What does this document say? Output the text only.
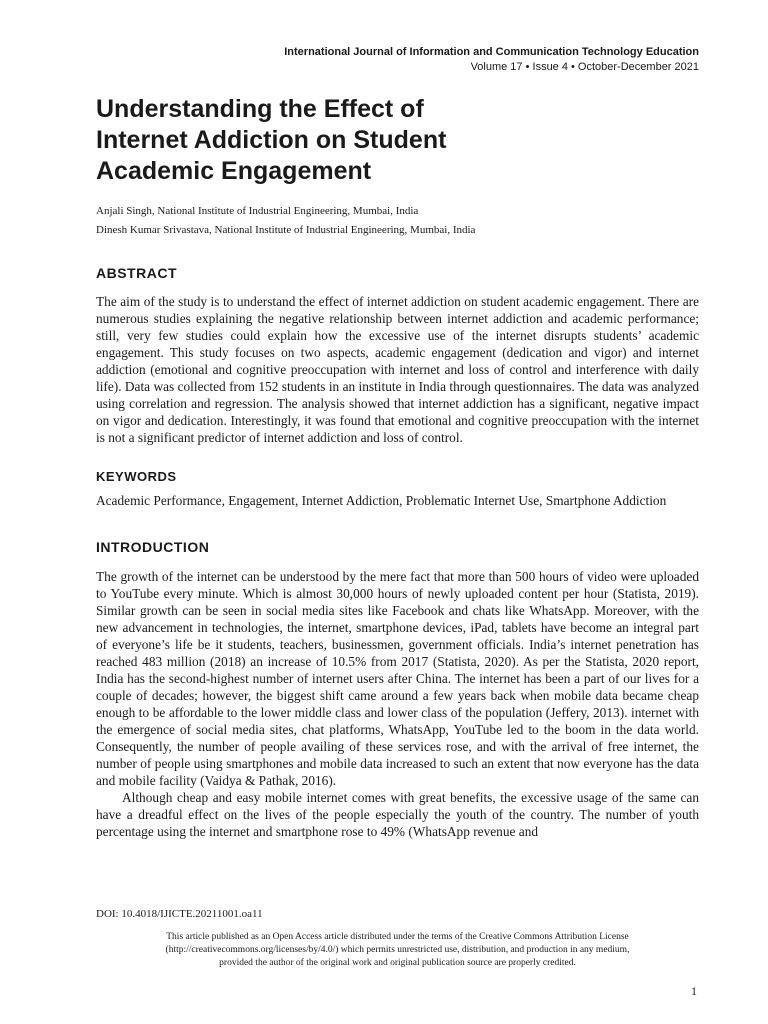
International Journal of Information and Communication Technology Education
Volume 17 • Issue 4 • October-December 2021
Understanding the Effect of
Internet Addiction on Student
Academic Engagement

Anjali Singh, National Institute of Industrial Engineering, Mumbai, India

Dinesh Kumar Srivastava, National Institute of Industrial Engineering, Mumbai, India

ABSTRACT

The aim of the study is to understand the effect of internet addiction on student academic engagement. There are numerous studies explaining the negative relationship between internet addiction and academic performance; still, very few studies could explain how the excessive use of the internet disrupts students’ academic engagement. This study focuses on two aspects, academic engagement (dedication and vigor) and internet addiction (emotional and cognitive preoccupation with internet and loss of control and interference with daily life). Data was collected from 152 students in an institute in India through questionnaires. The data was analyzed using correlation and regression. The analysis showed that internet addiction has a significant, negative impact on vigor and dedication. Interestingly, it was found that emotional and cognitive preoccupation with the internet is not a significant predictor of internet addiction and loss of control.

KEYWORDS

Academic Performance, Engagement, Internet Addiction, Problematic Internet Use, Smartphone Addiction

INTRODUCTION

The growth of the internet can be understood by the mere fact that more than 500 hours of video were uploaded to YouTube every minute. Which is almost 30,000 hours of newly uploaded content per hour (Statista, 2019). Similar growth can be seen in social media sites like Facebook and chats like WhatsApp. Moreover, with the new advancement in technologies, the internet, smartphone devices, iPad, tablets have become an integral part of everyone’s life be it students, teachers, businessmen, government officials. India’s internet penetration has reached 483 million (2018) an increase of 10.5% from 2017 (Statista, 2020). As per the Statista, 2020 report, India has the second-highest number of internet users after China. The internet has been a part of our lives for a couple of decades; however, the biggest shift came around a few years back when mobile data became cheap enough to be affordable to the lower middle class and lower class of the population (Jeffery, 2013). internet with the emergence of social media sites, chat platforms, WhatsApp, YouTube led to the boom in the data world. Consequently, the number of people availing of these services rose, and with the arrival of free internet, the number of people using smartphones and mobile data increased to such an extent that now everyone has the data and mobile facility (Vaidya & Pathak, 2016).

Although cheap and easy mobile internet comes with great benefits, the excessive usage of the same can have a dreadful effect on the lives of the people especially the youth of the country. The number of youth percentage using the internet and smartphone rose to 49% (WhatsApp revenue and

DOI: 10.4018/IJICTE.20211001.oa11
This article published as an Open Access article distributed under the terms of the Creative Commons Attribution License
(http://creativecommons.org/licenses/by/4.0/) which permits unrestricted use, distribution, and production in any medium,
provided the author of the original work and original publication source are properly credited.
1
